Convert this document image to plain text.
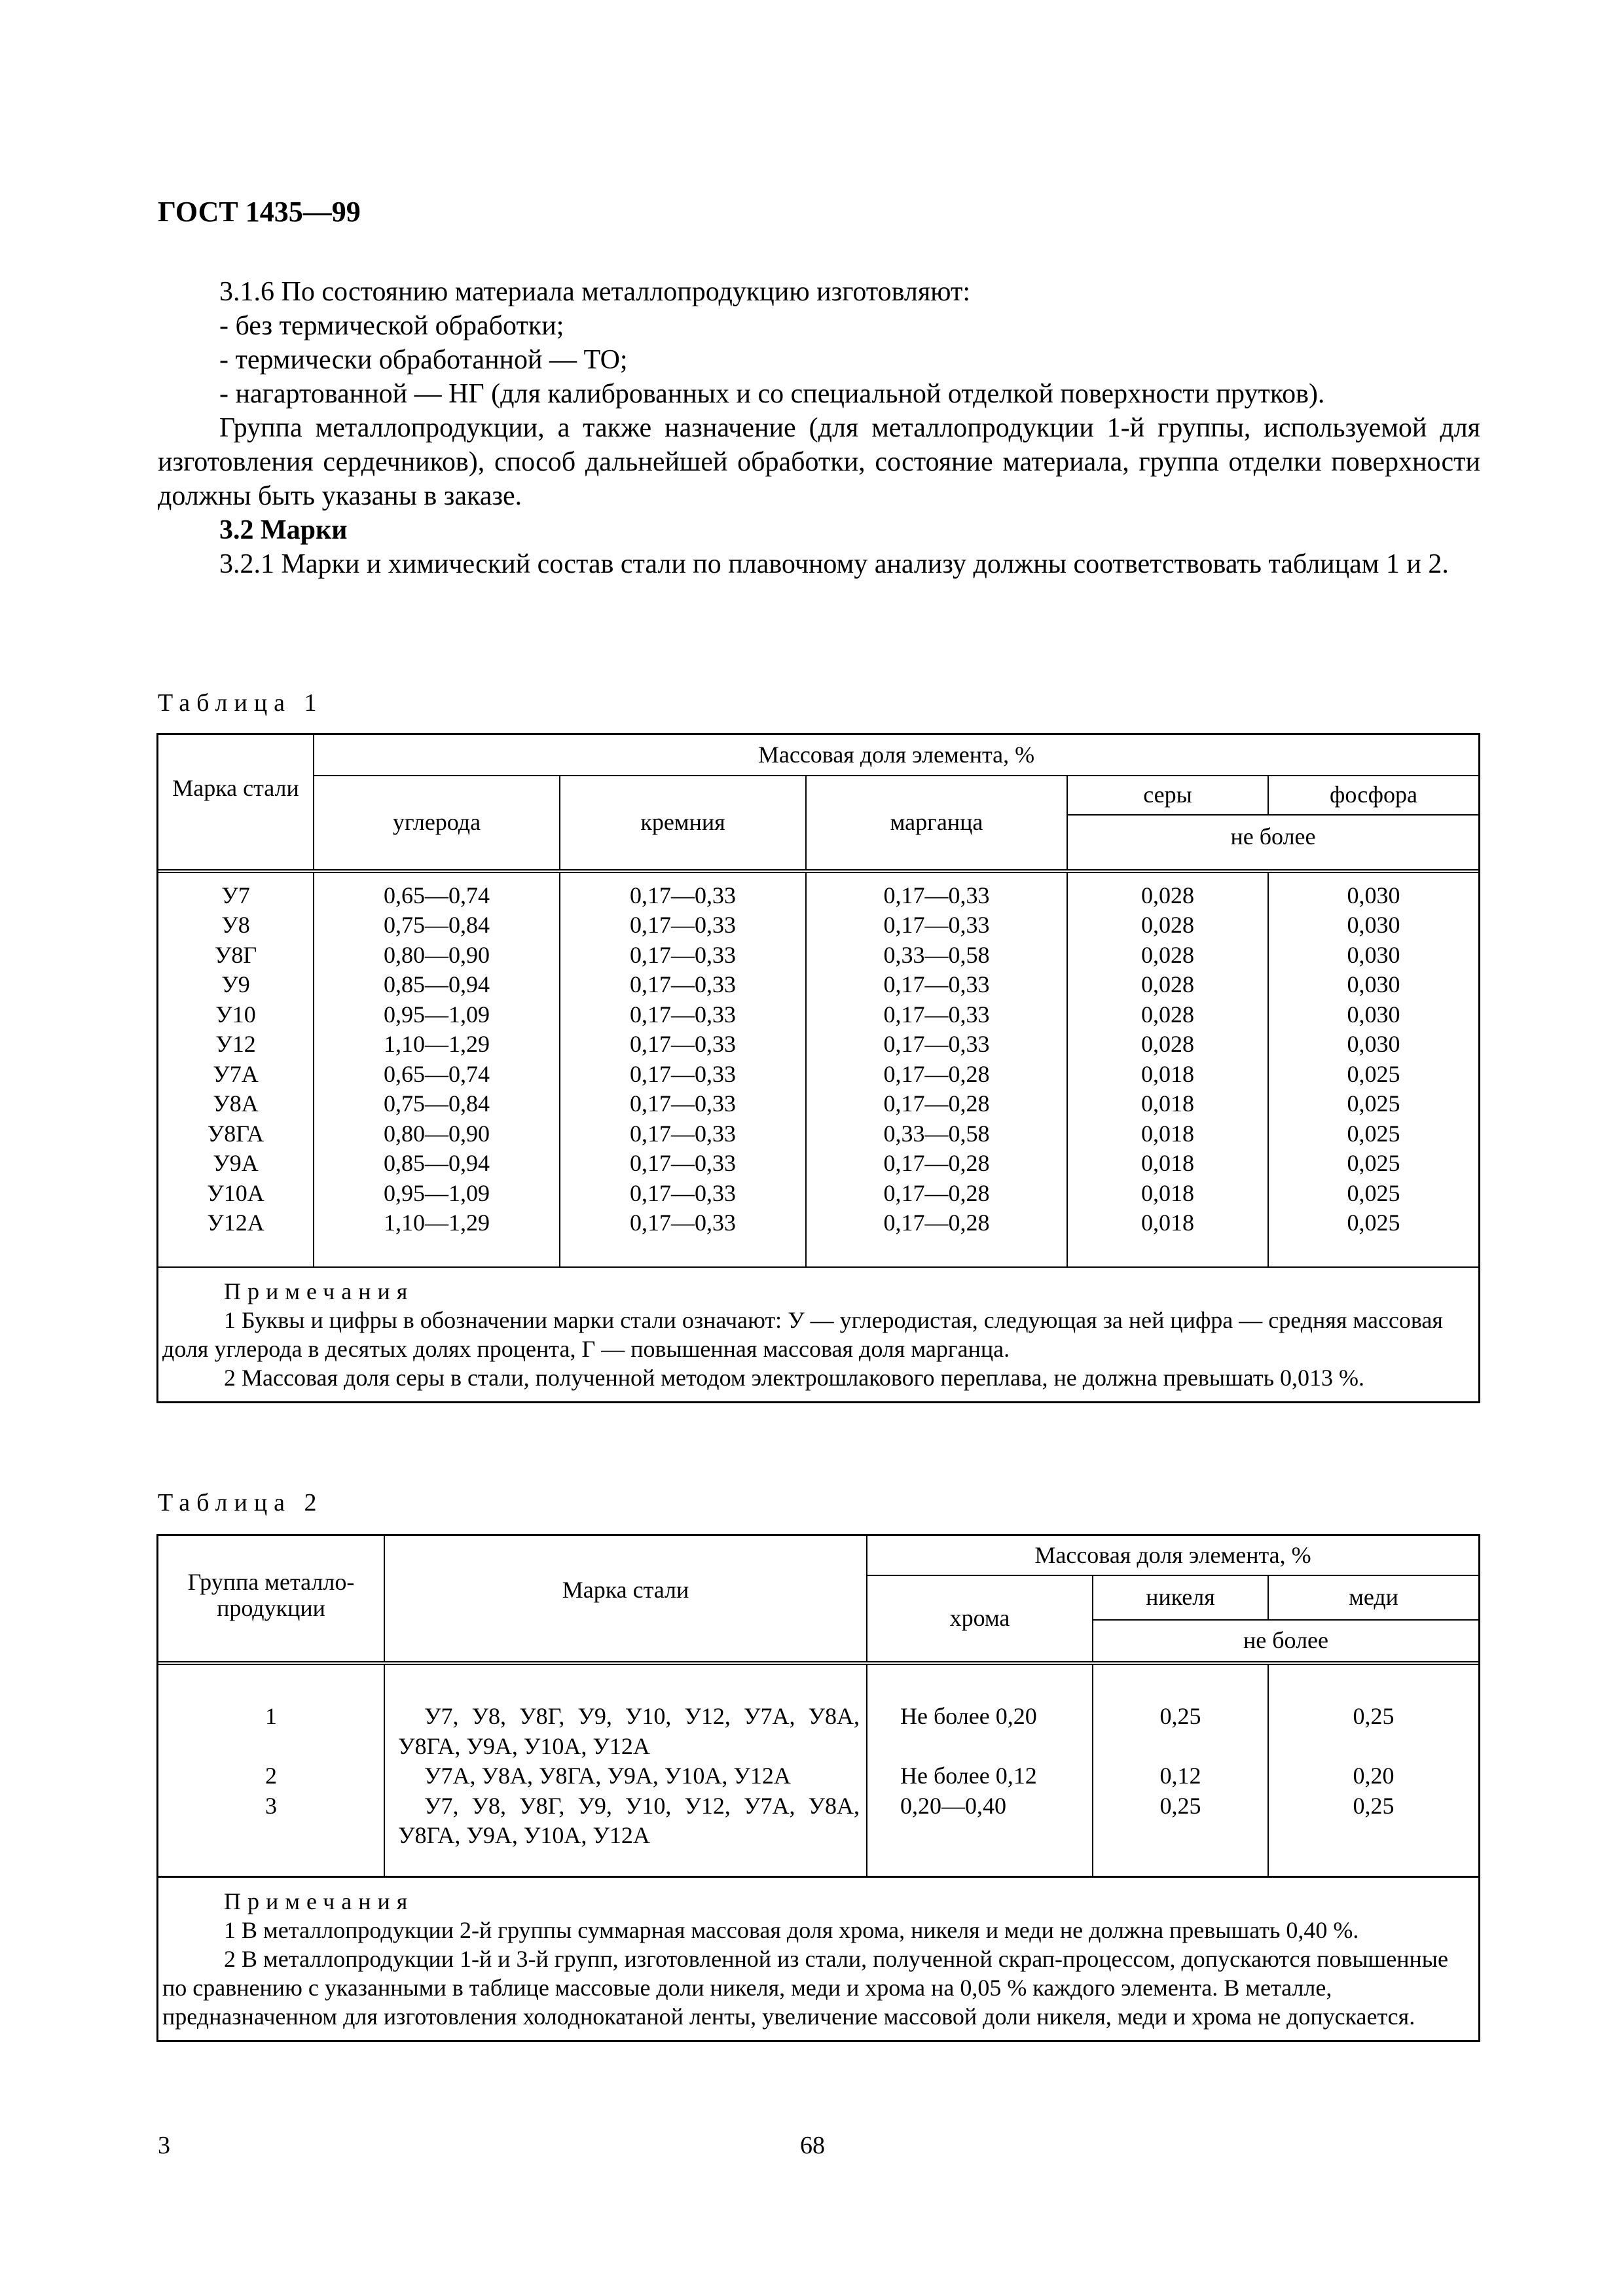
ГОСТ 1435—99

3.1.6 По состоянию материала металлопродукцию изготовляют:

- без термической обработки;

- термически обработанной — ТО;

- нагартованной — НГ (для калиброванных и со специальной отделкой поверхности прутков).

Группа металлопродукции, а также назначение (для металлопродукции 1-й группы, используемой для изготовления сердечников), способ дальнейшей обработки, состояние материала, группа отделки поверхности должны быть указаны в заказе.

3.2 Марки

3.2.1 Марки и химический состав стали по плавочному анализу должны соответствовать таблицам 1 и 2.

Таблица 1
Марка стали	Массовая доля элемента, %				
	углерода	кремния	марганца	серы	фосфора
				не более	
У7	0,65—0,74	0,17—0,33	0,17—0,33	0,028	0,030
У8	0,75—0,84	0,17—0,33	0,17—0,33	0,028	0,030
У8Г	0,80—0,90	0,17—0,33	0,33—0,58	0,028	0,030
У9	0,85—0,94	0,17—0,33	0,17—0,33	0,028	0,030
У10	0,95—1,09	0,17—0,33	0,17—0,33	0,028	0,030
У12	1,10—1,29	0,17—0,33	0,17—0,33	0,028	0,030
У7А	0,65—0,74	0,17—0,33	0,17—0,28	0,018	0,025
У8А	0,75—0,84	0,17—0,33	0,17—0,28	0,018	0,025
У8ГА	0,80—0,90	0,17—0,33	0,33—0,58	0,018	0,025
У9А	0,85—0,94	0,17—0,33	0,17—0,28	0,018	0,025
У10А	0,95—1,09	0,17—0,33	0,17—0,28	0,018	0,025
У12А	1,10—1,29	0,17—0,33	0,17—0,28	0,018	0,025

Примечания

1 Буквы и цифры в обозначении марки стали означают: У — углеродистая, следующая за ней цифра — средняя массовая доля углерода в десятых долях процента, Г — повышенная массовая доля марганца.

2 Массовая доля серы в стали, полученной методом электрошлакового переплава, не должна превышать 0,013 %.					

Таблица 2
Группа металло-продукции	Марка стали	Массовая доля элемента, %		
		хрома	никеля	меди
			не более	
1	У7, У8, У8Г, У9, У10, У12, У7А, У8А, У8ГА, У9А, У10А, У12А	Не более 0,20	0,25	0,25
2	У7А, У8А, У8ГА, У9А, У10А, У12А	Не более 0,12	0,12	0,20
3	У7, У8, У8Г, У9, У10, У12, У7А, У8А, У8ГА, У9А, У10А, У12А	0,20—0,40	0,25	0,25

Примечания

1 В металлопродукции 2-й группы суммарная массовая доля хрома, никеля и меди не должна превышать 0,40 %.

2 В металлопродукции 1-й и 3-й групп, изготовленной из стали, полученной скрап-процессом, допускаются повышенные по сравнению с указанными в таблице массовые доли никеля, меди и хрома на 0,05 % каждого элемента. В металле, предназначенном для изготовления холоднокатаной ленты, увеличение массовой доли никеля, меди и хрома не допускается.				

3	68
